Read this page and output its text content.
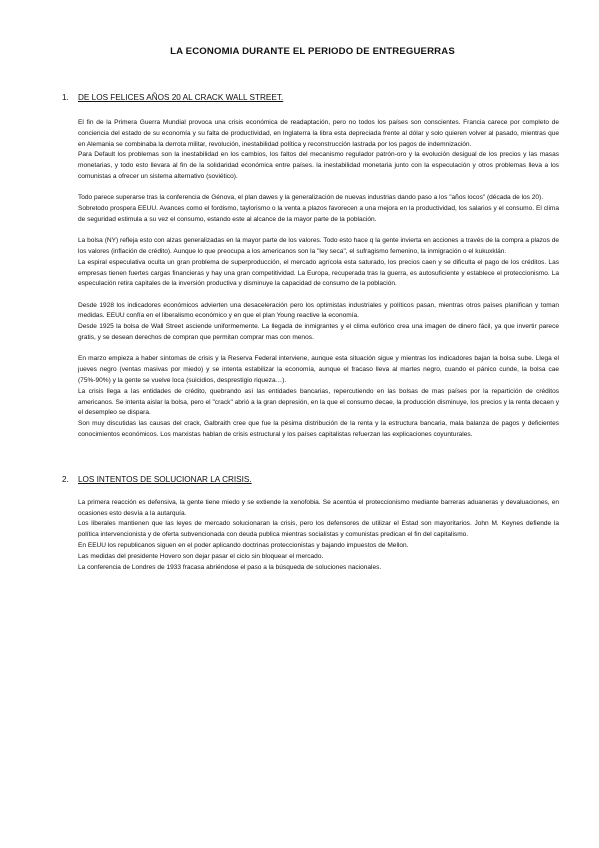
LA ECONOMIA DURANTE EL PERIODO DE ENTREGUERRAS
1.	DE LOS FELICES AÑOS 20 AL CRACK WALL STREET.

El fin de la Primera Guerra Mundial provoca una crisis económica de readaptación, pero no todos los países son conscientes. Francia carece por completo de conciencia del estado de su economía y su falta de productividad, en Inglaterra la libra esta depreciada frente al dólar y solo quieren volver al pasado, mientras que en Alemania se combinaba la derrota militar, revolución, inestabilidad política y reconstrucción lastrada por los pagos de indemnización.

Para Default los problemas son la inestabilidad en los cambios, los faltos del mecanismo regulador patrón-oro y la evolución desigual de los precios y las masas monetarias, y todo esto llevara al fin de la solidaridad económica entre países. la inestabilidad monetaria junto con la especulación y otros problemas lleva a los comunistas a ofrecer un sistema alternativo (soviético).

Todo parece superarse tras la conferencia de Génova, el plan dawes y la generalización de nuevas industrias dando paso a los "años locos" (década de los 20).

Sobretodo prospera EEUU. Avances como el fordismo, taylorismo o la venta a plazos favorecen a una mejora en la productividad, los salarios y el consumo. El clima de seguridad estimula a su vez el consumo, estando este al alcance de la mayor parte de la población.

La bolsa (NY) refleja esto con alzas generalizadas en la mayor parte de los valores. Todo esto hace q la gente invierta en acciones a través de la compra a plazos de los valores (inflación de crédito). Aunque lo que preocupa a los americanos son la "ley seca", el sufragismo femenino, la inmigración o el kukuxklán.

La espiral especulativa oculta un gran problema de superproducción, el mercado agrícola esta saturado, los precios caen y se dificulta el pago de los créditos. Las empresas tienen fuertes cargas financieras y hay una gran competitividad. La Europa, recuperada tras la guerra, es autosuficiente y establece el proteccionismo. La especulación retira capitales de la inversión productiva y disminuye la capacidad de consumo de la población.

Desde 1928 los indicadores económicos advierten una desaceleración pero los optimistas industriales y políticos pasan, mientras otros países planifican y toman medidas. EEUU confía en el liberalismo económico y en que el plan Young reactive la economía.

Desde 1925 la bolsa de Wall Street asciende uniformemente. La llegada de inmigrantes y el clima eufórico crea una imagen de dinero fácil, ya que invertir parece gratis, y se desean derechos de compran que permitan comprar mas con menos.

En marzo empieza a haber síntomas de crisis y la Reserva Federal interviene, aunque esta situación sigue y mientras los indicadores bajan la bolsa sube. Llega el jueves negro (ventas masivas por miedo) y se intenta estabilizar la economía, aunque el fracaso lleva al martes negro, cuando el pánico cunde, la bolsa cae (75%-90%) y la gente se vuelve loca (suicidios, desprestigio riqueza…).

La crisis llega a las entidades de crédito, quebrando así las entidades bancarias, repercutiendo en las bolsas de mas países por la repartición de créditos americanos. Se intenta aislar la bolsa, pero el "crack" abrió a la gran depresión, en la que el consumo decae, la producción disminuye, los precios y la renta decaen y el desempleo se dispara.

Son muy discutidas las causas del crack, Galbraith cree que fue la pésima distribución de la renta y la estructura bancaria, mala balanza de pagos y deficientes conocimientos económicos. Los marxistas hablan de crisis estructural y los países capitalistas refuerzan las explicaciones coyunturales.

2.	LOS INTENTOS DE SOLUCIONAR LA CRISIS.

La primera reacción es defensiva, la gente tiene miedo y se extiende la xenofobia. Se acentúa el proteccionismo mediante barreras aduaneras y devaluaciones, en ocasiones esto desvía a la autarquía.

Los liberales mantienen que las leyes de mercado solucionaran la crisis, pero los defensores de utilizar el Estad son mayoritarios. John M. Keynes defiende la política intervencionista y de oferta subvencionada con deuda publica mientras socialistas y comunistas predican el fin del capitalismo.

En EEUU los republicanos siguen en el poder aplicando doctrinas proteccionistas y bajando impuestos de Mellon.

Las medidas del presidente Hovero son dejar pasar el ciclo sin bloquear el mercado.

La conferencia de Londres de 1933 fracasa abriéndose el paso a la búsqueda de soluciones nacionales.
